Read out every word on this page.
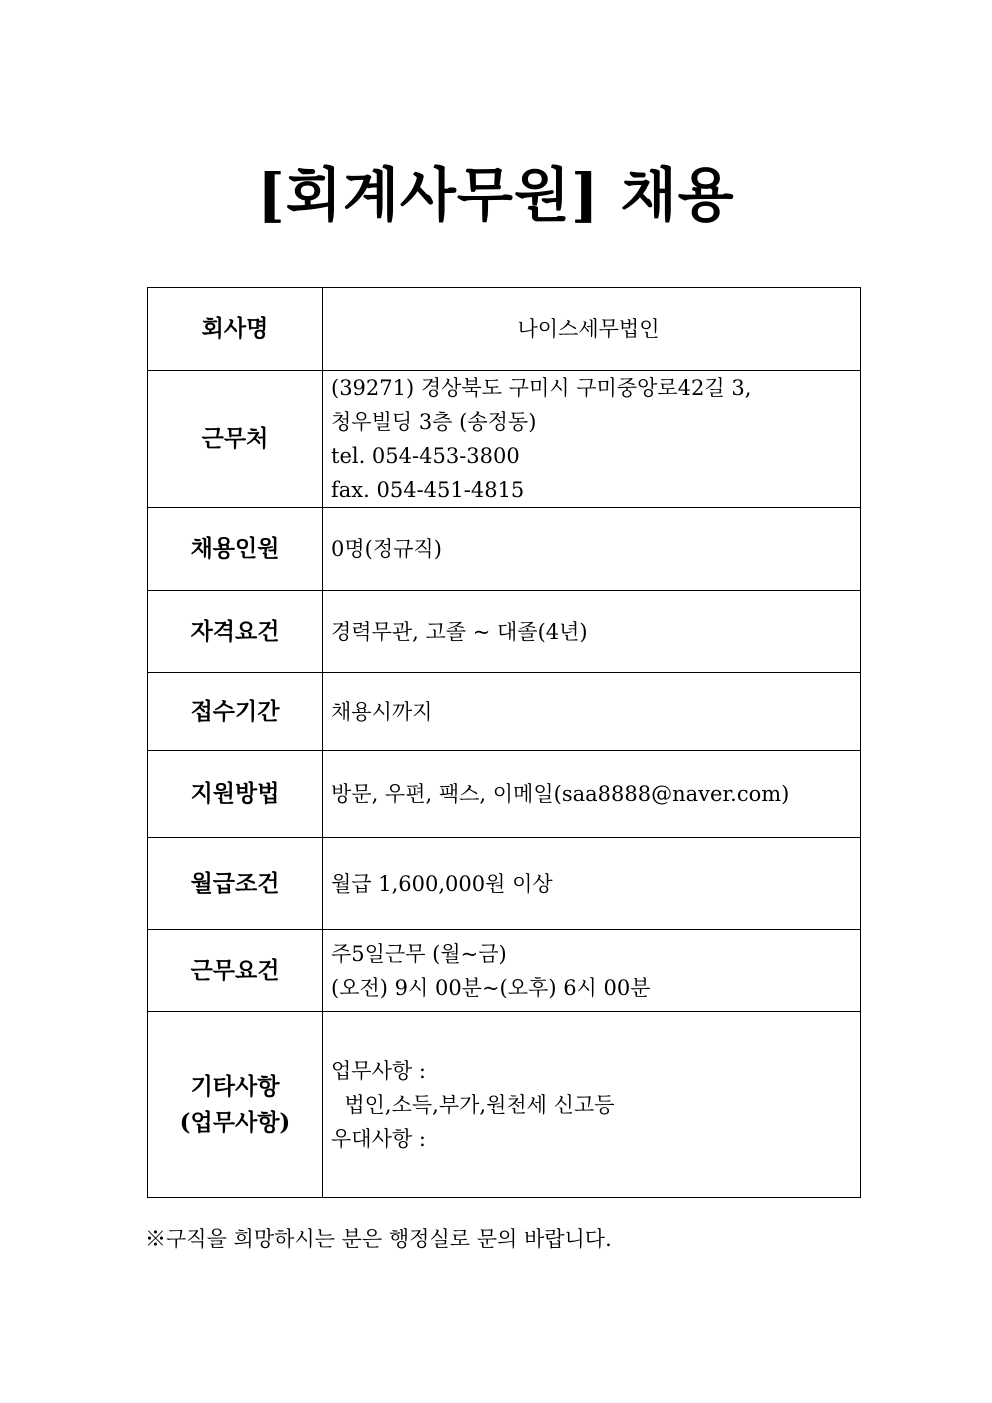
[회계사무원] 채용
회사명	나이스세무법인

근무처	(39271) 경상북도 구미시 구미중앙로42길 3,
청우빌딩 3층 (송정동)
tel. 054-453-3800
fax. 054-451-4815

채용인원	0명(정규직)

자격요건	경력무관, 고졸 ~ 대졸(4년)

접수기간	채용시까지

지원방법	방문, 우편, 팩스, 이메일(saa8888@naver.com)

월급조건	월급 1,600,000원 이상

근무요건	주5일근무 (월~금)
(오전) 9시 00분~(오후) 6시 00분

기타사항
(업무사항)	업무사항 :
법인,소득,부가,원천세 신고등
우대사항 :
※구직을 희망하시는 분은 행정실로 문의 바랍니다.
